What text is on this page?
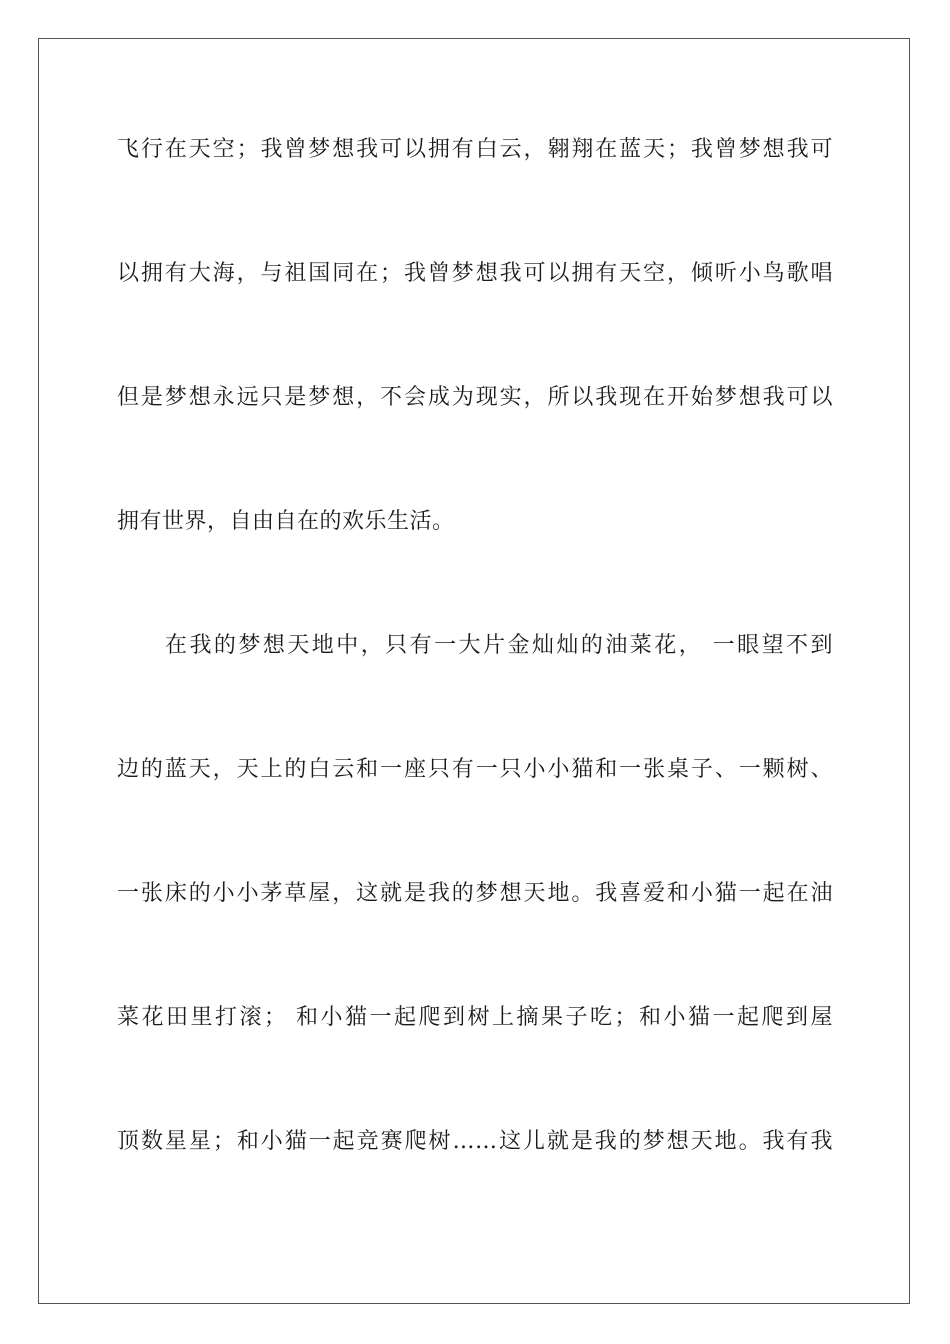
飞行在天空；我曾梦想我可以拥有白云，翱翔在蓝天；我曾梦想我可
以拥有大海，与祖国同在；我曾梦想我可以拥有天空，倾听小鸟歌唱
但是梦想永远只是梦想，不会成为现实，所以我现在开始梦想我可以
拥有世界，自由自在的欢乐生活。
在我的梦想天地中，只有一大片金灿灿的油菜花， 一眼望不到
边的蓝天，天上的白云和一座只有一只小小猫和一张桌子、一颗树、
一张床的小小茅草屋，这就是我的梦想天地。我喜爱和小猫一起在油
菜花田里打滚； 和小猫一起爬到树上摘果子吃；和小猫一起爬到屋
顶数星星；和小猫一起竞赛爬树……这儿就是我的梦想天地。我有我
